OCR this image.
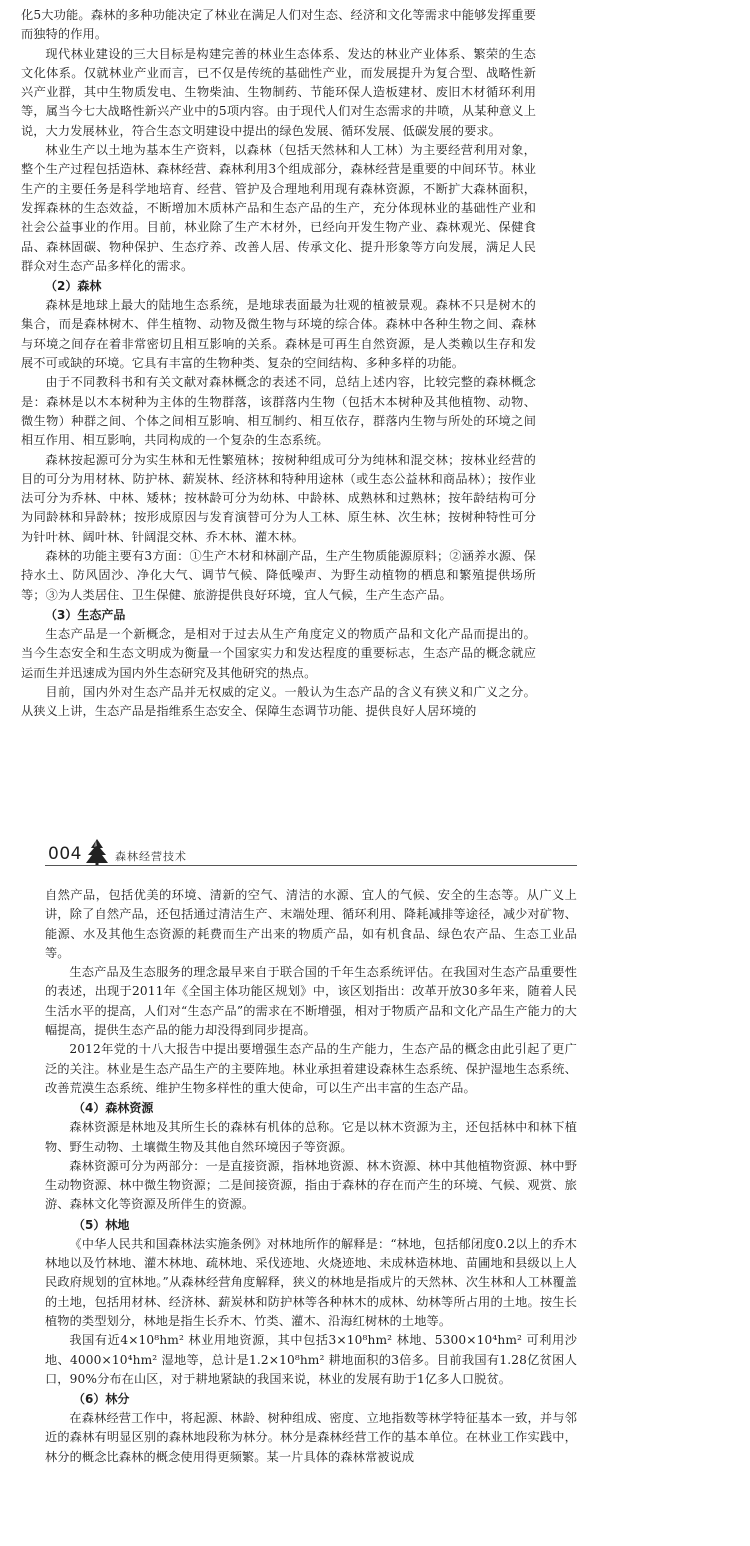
化5大功能。森林的多种功能决定了林业在满足人们对生态、经济和文化等需求中能够发挥重要而独特的作用。

现代林业建设的三大目标是构建完善的林业生态体系、发达的林业产业体系、繁荣的生态文化体系。仅就林业产业而言，已不仅是传统的基础性产业，而发展提升为复合型、战略性新兴产业群，其中生物质发电、生物柴油、生物制药、节能环保人造板建材、废旧木材循环利用等，属当今七大战略性新兴产业中的5项内容。由于现代人们对生态需求的井喷，从某种意义上说，大力发展林业，符合生态文明建设中提出的绿色发展、循环发展、低碳发展的要求。

林业生产以土地为基本生产资料，以森林（包括天然林和人工林）为主要经营利用对象，整个生产过程包括造林、森林经营、森林利用3个组成部分，森林经营是重要的中间环节。林业生产的主要任务是科学地培育、经营、管护及合理地利用现有森林资源，不断扩大森林面积，发挥森林的生态效益，不断增加木质林产品和生态产品的生产，充分体现林业的基础性产业和社会公益事业的作用。目前，林业除了生产木材外，已经向开发生物产业、森林观光、保健食品、森林固碳、物种保护、生态疗养、改善人居、传承文化、提升形象等方向发展，满足人民群众对生态产品多样化的需求。

（2）森林

森林是地球上最大的陆地生态系统，是地球表面最为壮观的植被景观。森林不只是树木的集合，而是森林树木、伴生植物、动物及微生物与环境的综合体。森林中各种生物之间、森林与环境之间存在着非常密切且相互影响的关系。森林是可再生自然资源，是人类赖以生存和发展不可或缺的环境。它具有丰富的生物种类、复杂的空间结构、多种多样的功能。

由于不同教科书和有关文献对森林概念的表述不同，总结上述内容，比较完整的森林概念是：森林是以木本树种为主体的生物群落，该群落内生物（包括木本树种及其他植物、动物、微生物）种群之间、个体之间相互影响、相互制约、相互依存，群落内生物与所处的环境之间相互作用、相互影响，共同构成的一个复杂的生态系统。

森林按起源可分为实生林和无性繁殖林；按树种组成可分为纯林和混交林；按林业经营的目的可分为用材林、防护林、薪炭林、经济林和特种用途林（或生态公益林和商品林）；按作业法可分为乔林、中林、矮林；按林龄可分为幼林、中龄林、成熟林和过熟林；按年龄结构可分为同龄林和异龄林；按形成原因与发育演替可分为人工林、原生林、次生林；按树种特性可分为针叶林、阔叶林、针阔混交林、乔木林、灌木林。

森林的功能主要有3方面：①生产木材和林副产品，生产生物质能源原料；②涵养水源、保持水土、防风固沙、净化大气、调节气候、降低噪声、为野生动植物的栖息和繁殖提供场所等；③为人类居住、卫生保健、旅游提供良好环境，宜人气候，生产生态产品。

（3）生态产品

生态产品是一个新概念，是相对于过去从生产角度定义的物质产品和文化产品而提出的。当今生态安全和生态文明成为衡量一个国家实力和发达程度的重要标志，生态产品的概念就应运而生并迅速成为国内外生态研究及其他研究的热点。

目前，国内外对生态产品并无权威的定义。一般认为生态产品的含义有狭义和广义之分。从狭义上讲，生态产品是指维系生态安全、保障生态调节功能、提供良好人居环境的

004	森林经营技术

自然产品，包括优美的环境、清新的空气、清洁的水源、宜人的气候、安全的生态等。从广义上讲，除了自然产品，还包括通过清洁生产、末端处理、循环利用、降耗减排等途径，减少对矿物、能源、水及其他生态资源的耗费而生产出来的物质产品，如有机食品、绿色农产品、生态工业品等。

生态产品及生态服务的理念最早来自于联合国的千年生态系统评估。在我国对生态产品重要性的表述，出现于2011年《全国主体功能区规划》中，该区划指出：改革开放30多年来，随着人民生活水平的提高，人们对“生态产品”的需求在不断增强，相对于物质产品和文化产品生产能力的大幅提高，提供生态产品的能力却没得到同步提高。

2012年党的十八大报告中提出要增强生态产品的生产能力，生态产品的概念由此引起了更广泛的关注。林业是生态产品生产的主要阵地。林业承担着建设森林生态系统、保护湿地生态系统、改善荒漠生态系统、维护生物多样性的重大使命，可以生产出丰富的生态产品。

（4）森林资源

森林资源是林地及其所生长的森林有机体的总称。它是以林木资源为主，还包括林中和林下植物、野生动物、土壤微生物及其他自然环境因子等资源。

森林资源可分为两部分：一是直接资源，指林地资源、林木资源、林中其他植物资源、林中野生动物资源、林中微生物资源；二是间接资源，指由于森林的存在而产生的环境、气候、观赏、旅游、森林文化等资源及所伴生的资源。

（5）林地

《中华人民共和国森林法实施条例》对林地所作的解释是：“林地，包括郁闭度0.2以上的乔木林地以及竹林地、灌木林地、疏林地、采伐迹地、火烧迹地、未成林造林地、苗圃地和县级以上人民政府规划的宜林地。”从森林经营角度解释，狭义的林地是指成片的天然林、次生林和人工林覆盖的土地，包括用材林、经济林、薪炭林和防护林等各种林木的成林、幼林等所占用的土地。按生长植物的类型划分，林地是指生长乔木、竹类、灌木、沿海红树林的土地等。

我国有近4×10⁸hm² 林业用地资源，其中包括3×10⁸hm² 林地、5300×10⁴hm² 可利用沙地、4000×10⁴hm² 湿地等，总计是1.2×10⁸hm² 耕地面积的3倍多。目前我国有1.28亿贫困人口，90%分布在山区，对于耕地紧缺的我国来说，林业的发展有助于1亿多人口脱贫。

（6）林分

在森林经营工作中，将起源、林龄、树种组成、密度、立地指数等林学特征基本一致，并与邻近的森林有明显区别的森林地段称为林分。林分是森林经营工作的基本单位。在林业工作实践中，林分的概念比森林的概念使用得更频繁。某一片具体的森林常被说成
